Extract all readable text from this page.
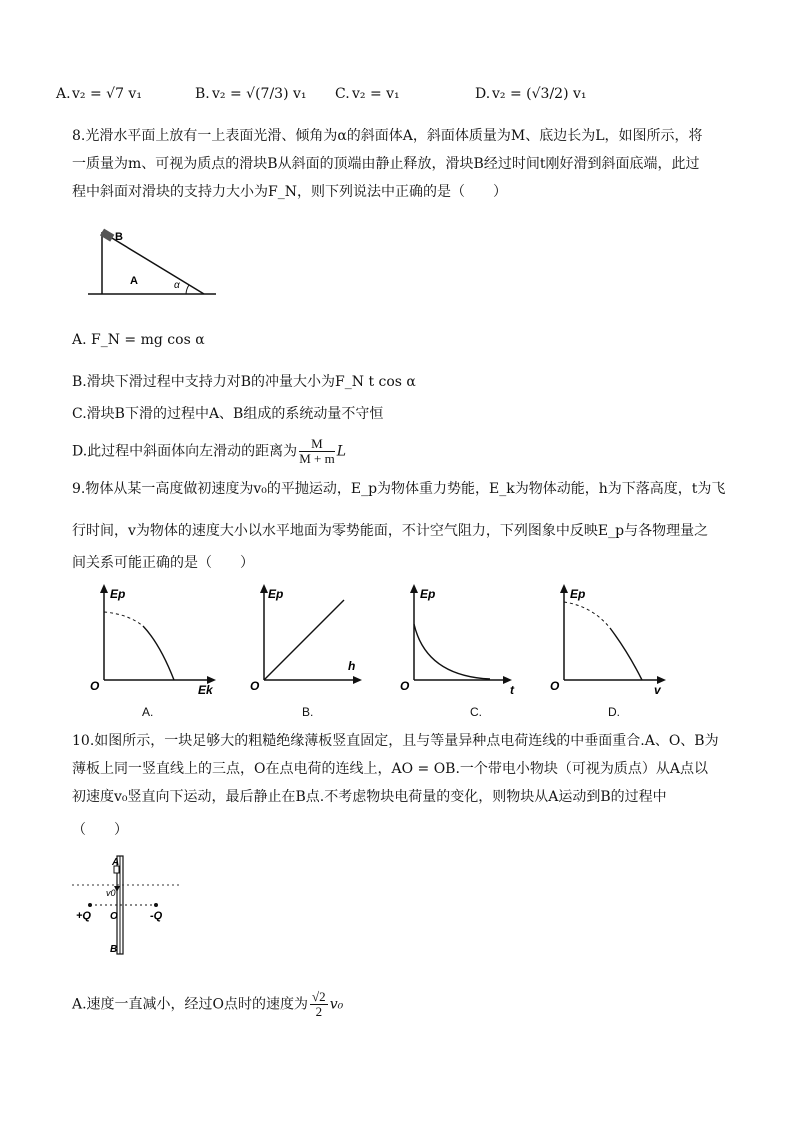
v₂ = √7 v₁	v₂ = √(7/3) v₁	v₂ = v₁	v₂ = (√3/2) v₁
A.	B.	C.	D.
8.光滑水平面上放有一上表面光滑、倾角为α的斜面体A，斜面体质量为M、底边长为L，如图所示，将
一质量为m、可视为质点的滑块B从斜面的顶端由静止释放，滑块B经过时间t刚好滑到斜面底端，此过
程中斜面对滑块的支持力大小为F_N，则下列说法中正确的是（　　）
B
A	α
A. F_N = mg cos α
B.滑块下滑过程中支持力对B的冲量大小为F_N t cos α
C.滑块B下滑的过程中A、B组成的系统动量不守恒
D.此过程中斜面体向左滑动的距离为 $\frac{M}{M + m}$ L
9.物体从某一高度做初速度为v₀的平抛运动，E_p为物体重力势能，E_k为物体动能，h为下落高度，t为飞
行时间，v为物体的速度大小以水平地面为零势能面，不计空气阻力，下列图象中反映E_p与各物理量之
间关系可能正确的是（　　）
Ep
O	Ek
Ep
O
h
Ep
O	t
Ep
O	v
A.	B.	C.	D.
10.如图所示，一块足够大的粗糙绝缘薄板竖直固定，且与等量异种点电荷连线的中垂面重合.A、O、B为
薄板上同一竖直线上的三点，O在点电荷的连线上，AO = OB.一个带电小物块（可视为质点）从A点以
初速度v₀竖直向下运动，最后静止在B点.不考虑物块电荷量的变化，则物块从A运动到B的过程中
（　　）
A
v0
O
B
+Q	-Q
A.速度一直减小，经过O点时的速度为 $\frac{√2}{2} v_0$
